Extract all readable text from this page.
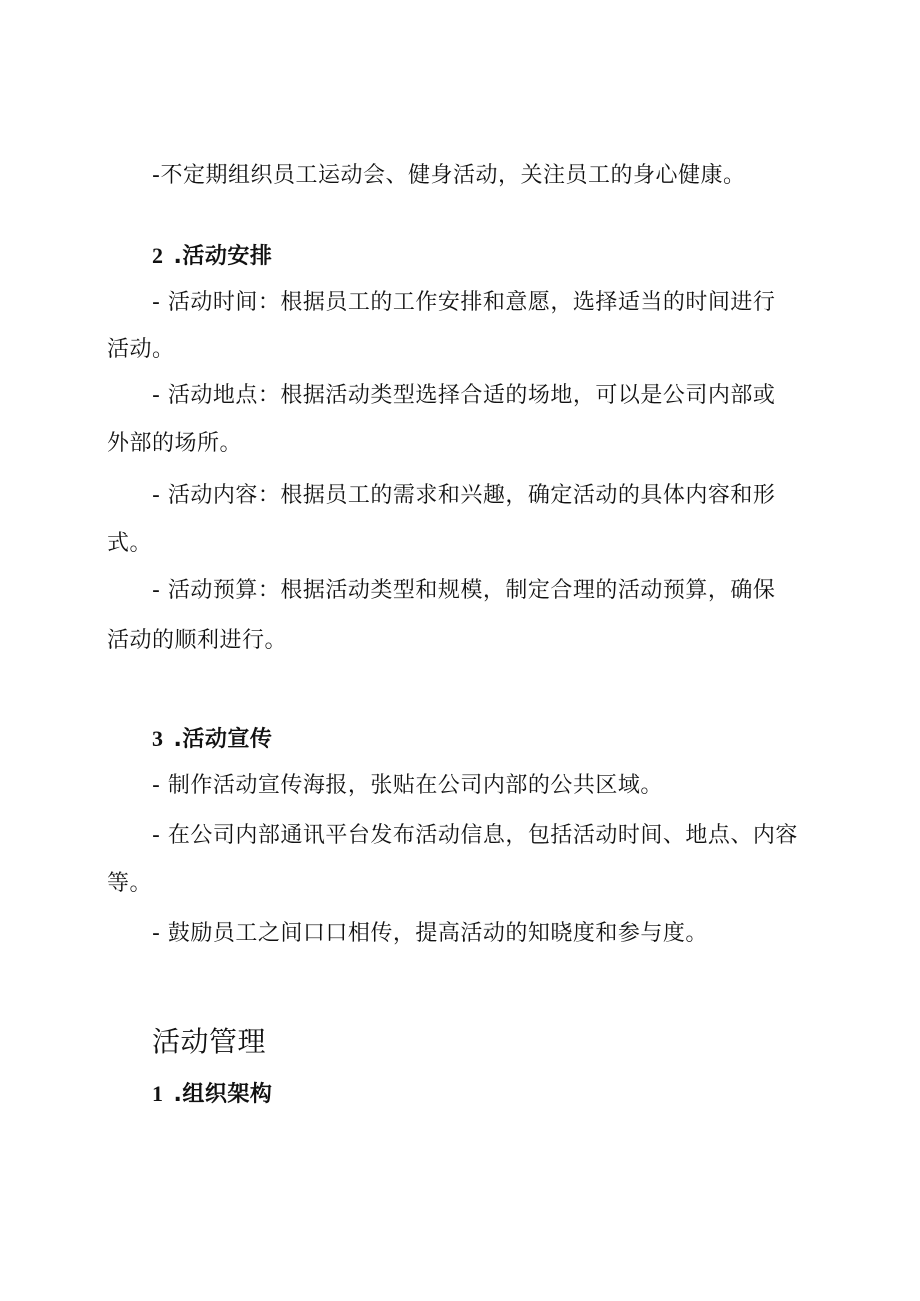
-不定期组织员工运动会、健身活动，关注员工的身心健康。
2 .活动安排
- 活动时间：根据员工的工作安排和意愿，选择适当的时间进行
活动。
- 活动地点：根据活动类型选择合适的场地，可以是公司内部或
外部的场所。
- 活动内容：根据员工的需求和兴趣，确定活动的具体内容和形
式。
- 活动预算：根据活动类型和规模，制定合理的活动预算，确保
活动的顺利进行。
3 .活动宣传
- 制作活动宣传海报，张贴在公司内部的公共区域。
- 在公司内部通讯平台发布活动信息，包括活动时间、地点、内容
等。
- 鼓励员工之间口口相传，提高活动的知晓度和参与度。
活动管理
1 .组织架构
